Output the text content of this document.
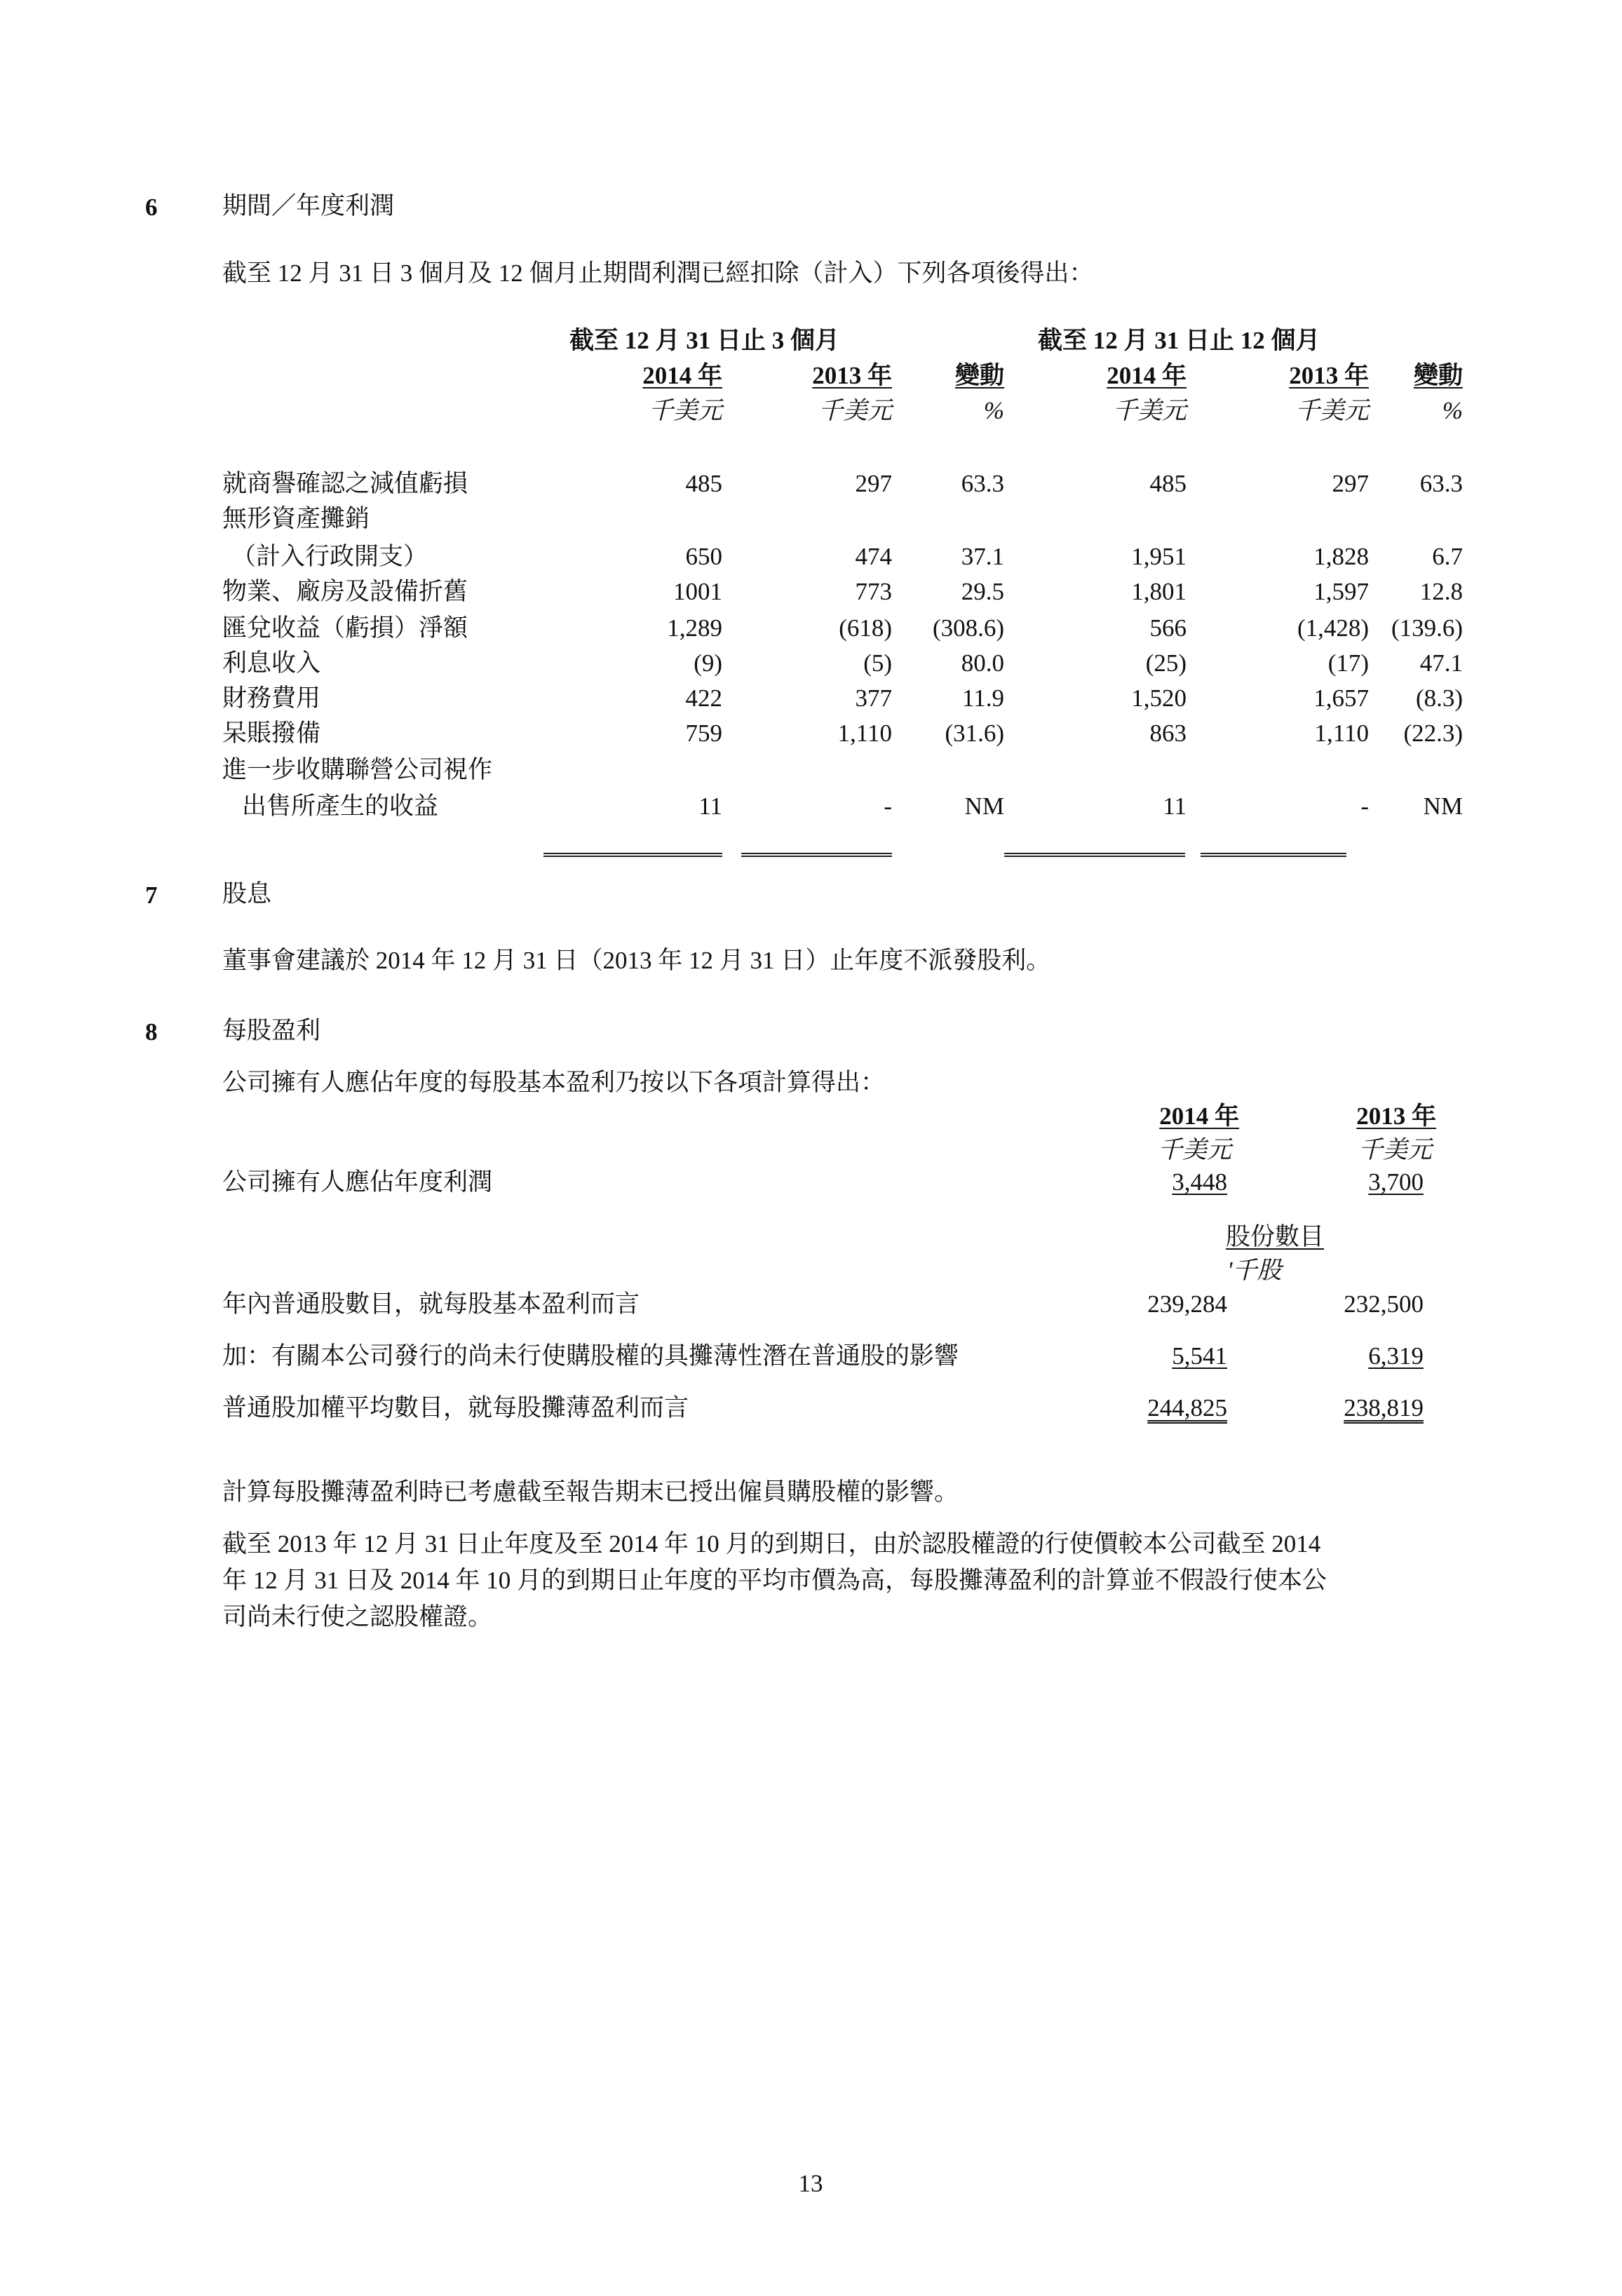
6	期間／年度利潤
截至 12 月 31 日 3 個月及 12 個月止期間利潤已經扣除（計入）下列各項後得出：
截至 12 月 31 日止 3 個月	截至 12 月 31 日止 12 個月
2014 年	2013 年	變動	2014 年	2013 年	變動
千美元	千美元	%	千美元	千美元	%
就商譽確認之減值虧損	485	297	63.3	485	297	63.3
無形資產攤銷
（計入行政開支）	650	474	37.1	1,951	1,828	6.7
物業、廠房及設備折舊	1001	773	29.5	1,801	1,597	12.8
匯兌收益（虧損）淨額	1,289	(618)	(308.6)	566	(1,428) (139.6)
利息收入	(9)	(5)	80.0	(25)	(17)	47.1
財務費用	422	377	11.9	1,520	1,657	(8.3)
呆賬撥備	759	1,110	(31.6)	863	1,110	(22.3)
進一步收購聯營公司視作
出售所產生的收益	11	-	NM	11	-	NM
7	股息
董事會建議於 2014 年 12 月 31 日（2013 年 12 月 31 日）止年度不派發股利。
8	每股盈利
公司擁有人應佔年度的每股基本盈利乃按以下各項計算得出：
2014 年	2013 年
千美元	千美元
公司擁有人應佔年度利潤	3,448	3,700
股份數目
'千股
年內普通股數目，就每股基本盈利而言	239,284	232,500
加：有關本公司發行的尚未行使購股權的具攤薄性潛在普通股的影響	5,541	6,319
普通股加權平均數目，就每股攤薄盈利而言	244,825	238,819
計算每股攤薄盈利時已考慮截至報告期末已授出僱員購股權的影響。
截至 2013 年 12 月 31 日止年度及至 2014 年 10 月的到期日，由於認股權證的行使價較本公司截至 2014
年 12 月 31 日及 2014 年 10 月的到期日止年度的平均市價為高，每股攤薄盈利的計算並不假設行使本公
司尚未行使之認股權證。
13
